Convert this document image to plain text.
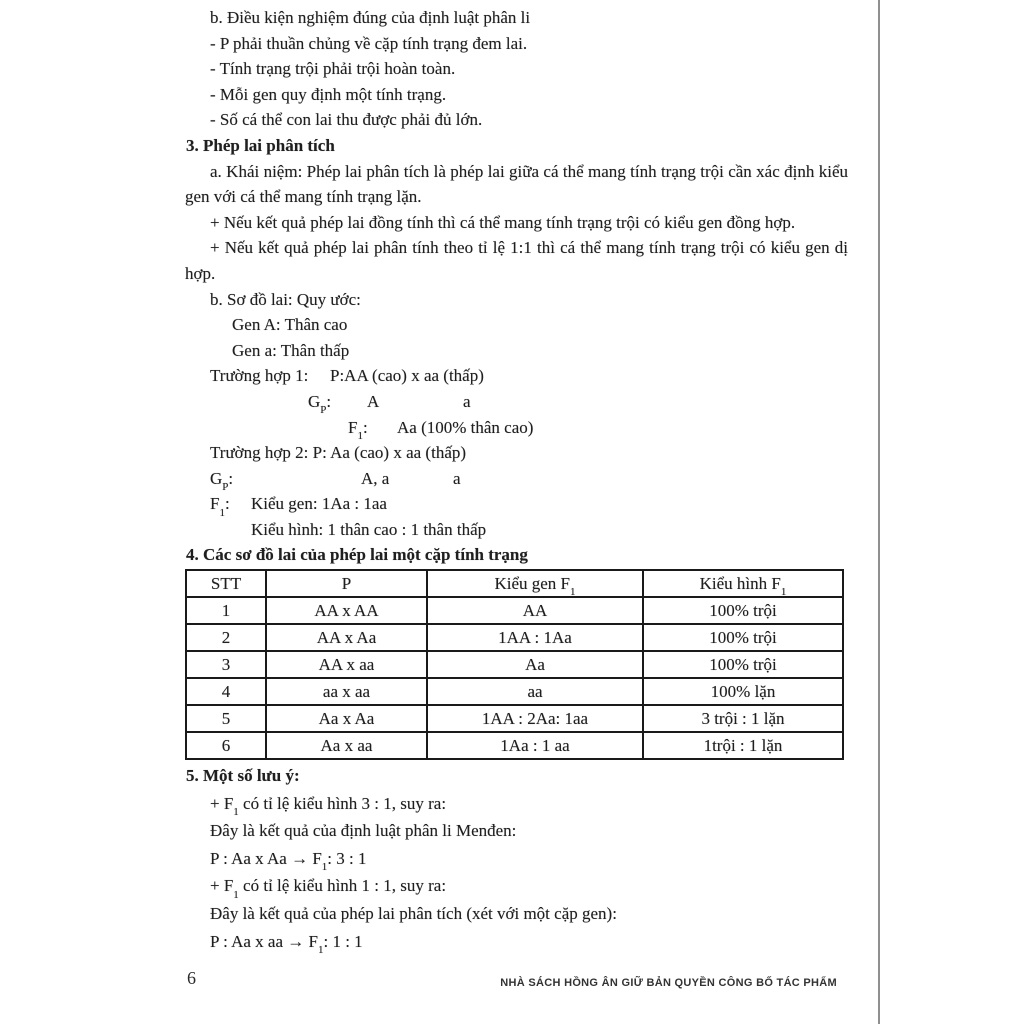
b. Điều kiện nghiệm đúng của định luật phân li
- P phải thuần chủng về cặp tính trạng đem lai.
- Tính trạng trội phải trội hoàn toàn.
- Mỗi gen quy định một tính trạng.
- Số cá thể con lai thu được phải đủ lớn.
3. Phép lai phân tích

a. Khái niệm: Phép lai phân tích là phép lai giữa cá thể mang tính trạng trội cần xác định kiểu gen với cá thể mang tính trạng lặn.

+ Nếu kết quả phép lai đồng tính thì cá thể mang tính trạng trội có kiểu gen đồng hợp.

+ Nếu kết quả phép lai phân tính theo tỉ lệ 1:1 thì cá thể mang tính trạng trội có kiểu gen dị hợp.

b. Sơ đồ lai: Quy ước:
Gen A: Thân cao
Gen a: Thân thấp
Trường hợp 1: P:AA (cao) x aa (thấp)
$G_P$: A	a
$F_1$: Aa (100% thân cao)
Trường hợp 2: P: Aa (cao) x aa (thấp)
$G_P$:	A, a	a
$F_1$: Kiểu gen: 1Aa : 1aa
Kiểu hình: 1 thân cao : 1 thân thấp
4. Các sơ đồ lai của phép lai một cặp tính trạng
STT	P	Kiểu gen $F_1$	Kiểu hình $F_1$
1	AA x AA	AA	100% trội
2	AA x Aa	1AA : 1Aa	100% trội
3	AA x aa	Aa	100% trội
4	aa x aa	aa	100% lặn
5	Aa x Aa	1AA : 2Aa: 1aa	3 trội : 1 lặn
6	Aa x aa	1Aa : 1 aa	1trội : 1 lặn
5. Một số lưu ý:
+ $F_1$ có tỉ lệ kiểu hình 3 : 1, suy ra:
Đây là kết quả của định luật phân li Menđen:
P : Aa x $Aa \to F_1$: 3 : 1
+ $F_1$ có tỉ lệ kiểu hình 1 : 1, suy ra:
Đây là kết quả của phép lai phân tích (xét với một cặp gen):
P : Aa x aa → $F_1$: 1 : 1
6	NHÀ SÁCH HỒNG ÂN GIỮ BẢN QUYỀN CÔNG BỐ TÁC PHẨM
